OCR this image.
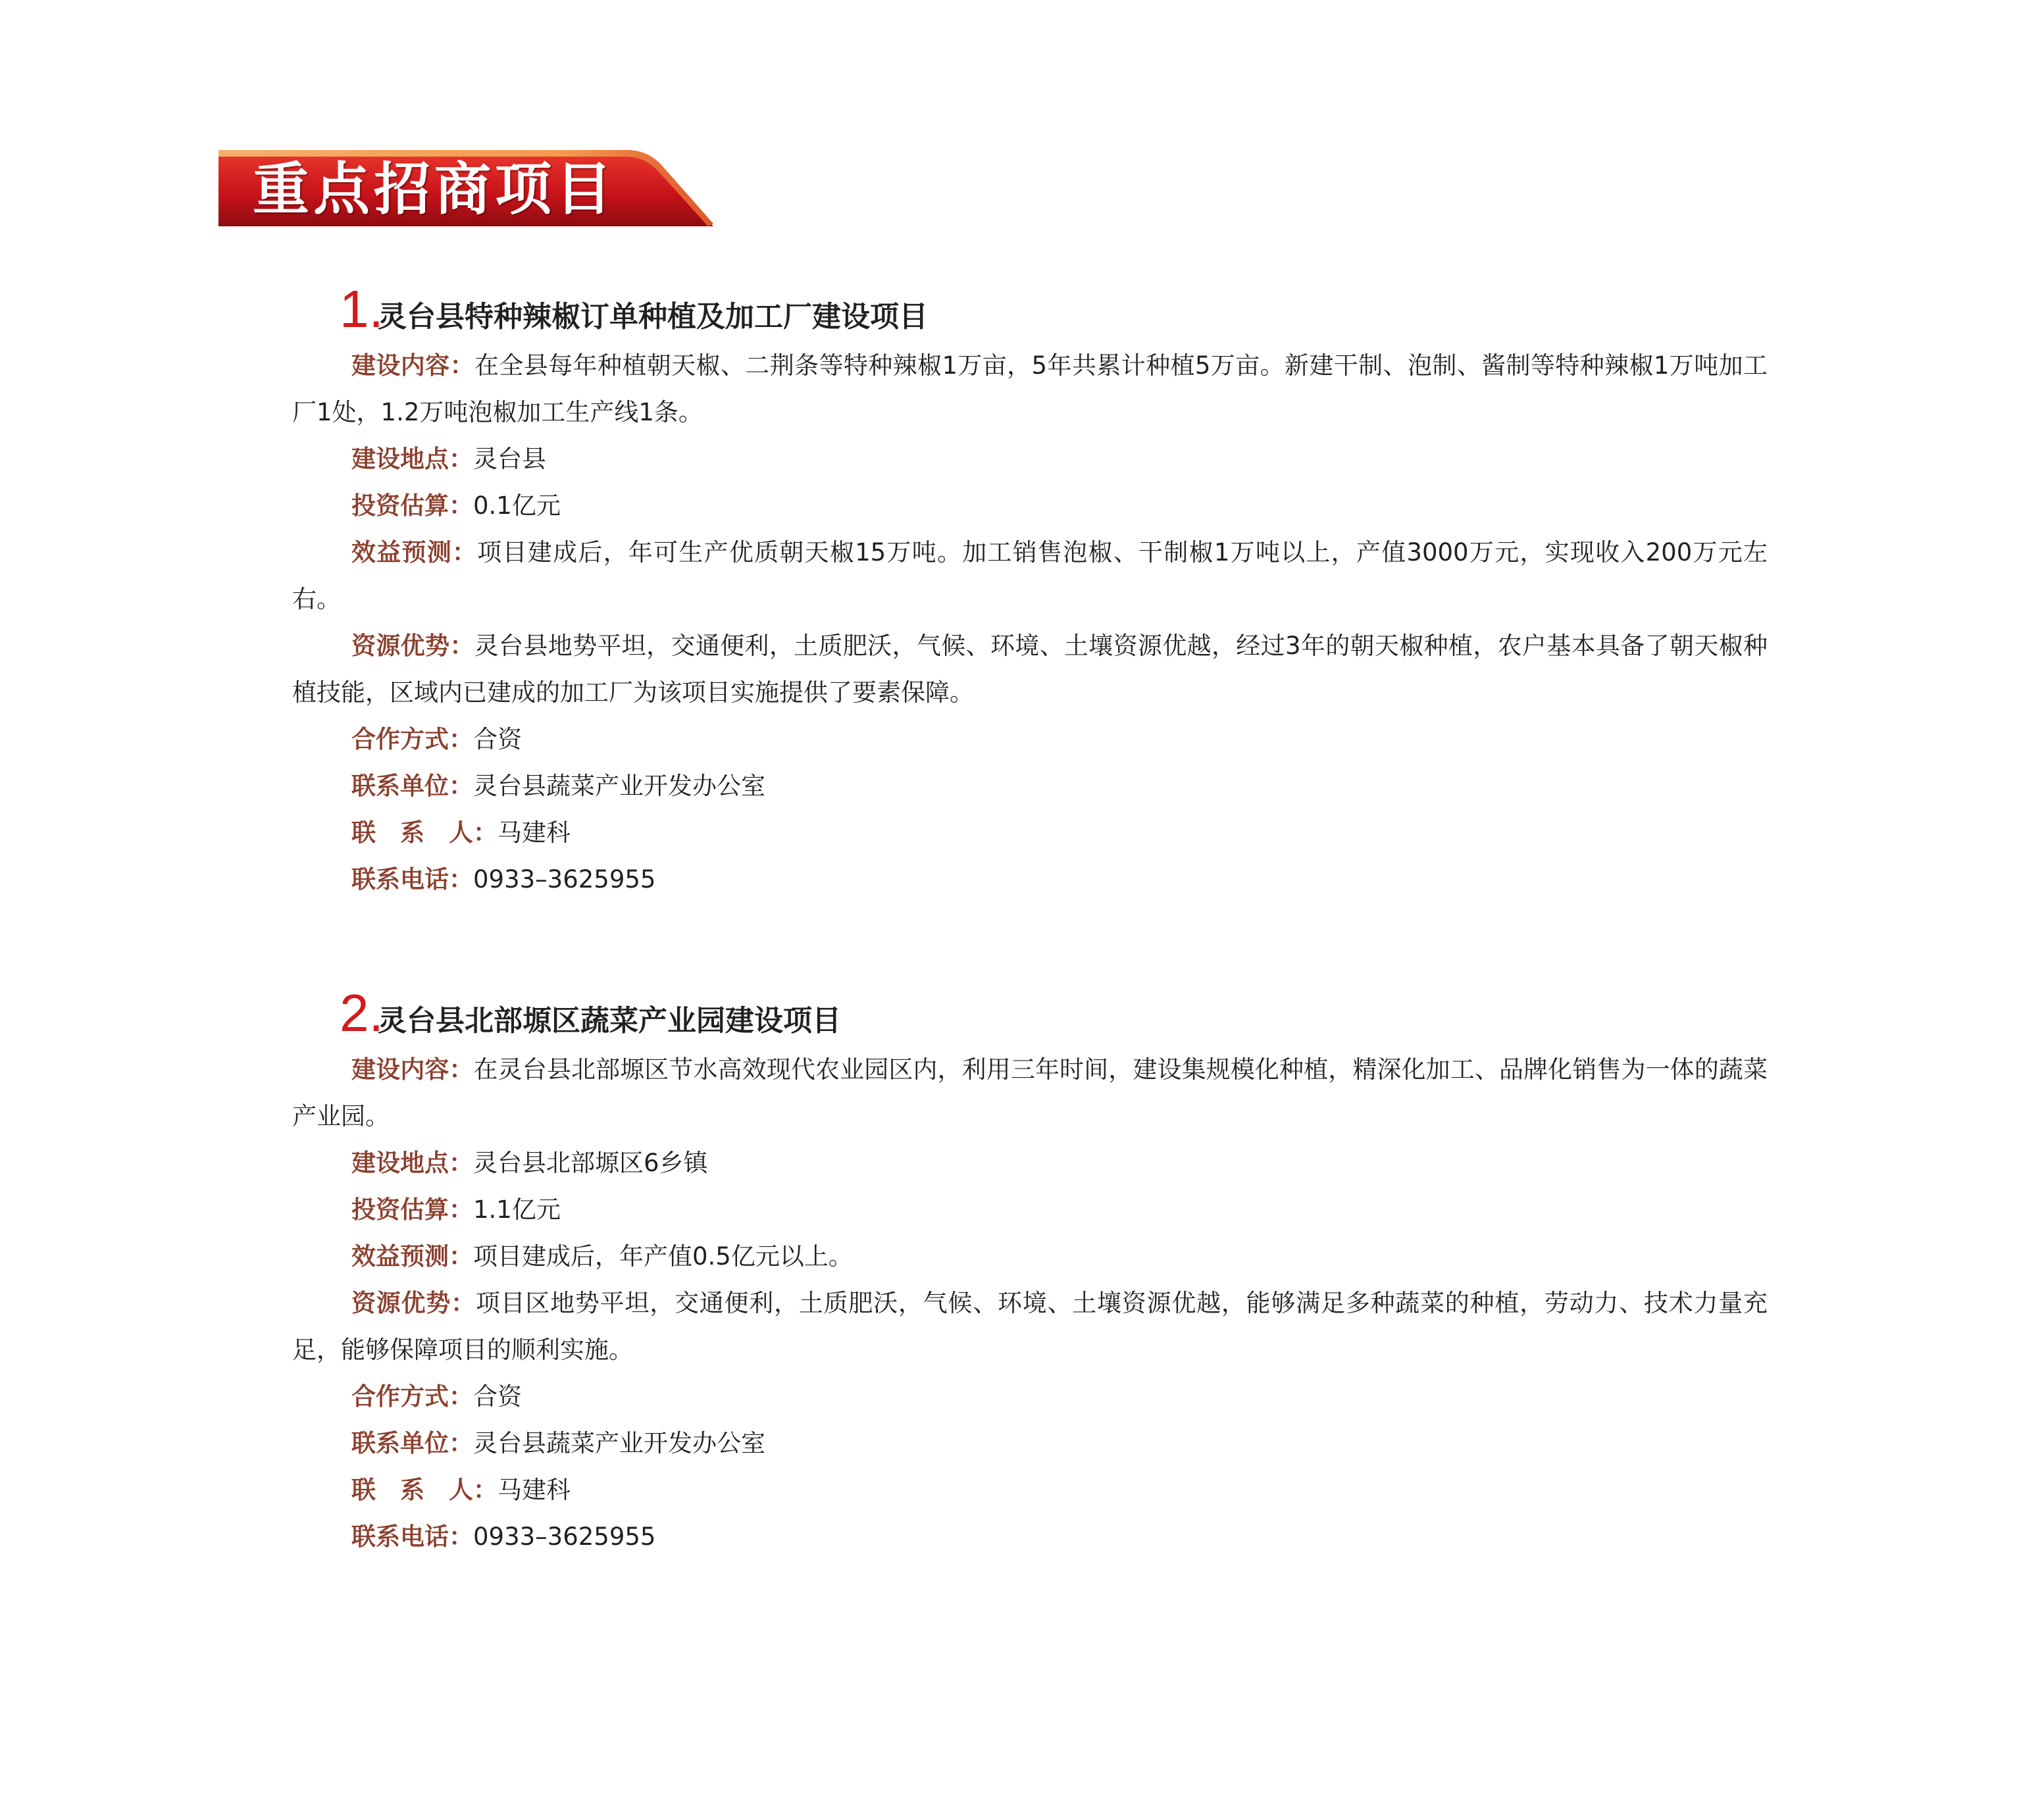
重点招商项目
1.
灵台县特种辣椒订单种植及加工厂建设项目

建设内容：在全县每年种植朝天椒、二荆条等特种辣椒1万亩，5年共累计种植5万亩。新建干制、泡制、酱制等特种辣椒1万吨加工厂1处，1.2万吨泡椒加工生产线1条。

建设地点：灵台县

投资估算：0.1亿元

效益预测：项目建成后，年可生产优质朝天椒15万吨。加工销售泡椒、干制椒1万吨以上，产值3000万元，实现收入200万元左右。

资源优势：灵台县地势平坦，交通便利，土质肥沃，气候、环境、土壤资源优越，经过3年的朝天椒种植，农户基本具备了朝天椒种植技能，区域内已建成的加工厂为该项目实施提供了要素保障。

合作方式：合资

联系单位：灵台县蔬菜产业开发办公室

联　系　人：马建科

联系电话：0933–3625955

2.
灵台县北部塬区蔬菜产业园建设项目

建设内容：在灵台县北部塬区节水高效现代农业园区内，利用三年时间，建设集规模化种植，精深化加工、品牌化销售为一体的蔬菜产业园。

建设地点：灵台县北部塬区6乡镇

投资估算：1.1亿元

效益预测：项目建成后，年产值0.5亿元以上。

资源优势：项目区地势平坦，交通便利，土质肥沃，气候、环境、土壤资源优越，能够满足多种蔬菜的种植，劳动力、技术力量充足，能够保障项目的顺利实施。

合作方式：合资

联系单位：灵台县蔬菜产业开发办公室

联　系　人：马建科

联系电话：0933–3625955
